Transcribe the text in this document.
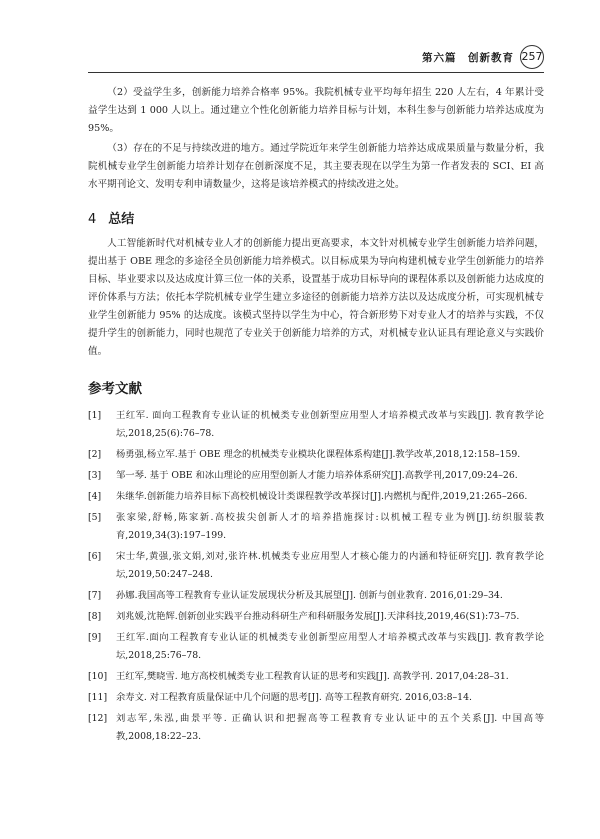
第六篇　创新教育 257

（2）受益学生多，创新能力培养合格率 95%。我院机械专业平均每年招生 220 人左右，4 年累计受益学生达到 1 000 人以上。通过建立个性化创新能力培养目标与计划，本科生参与创新能力培养达成度为 95%。

（3）存在的不足与持续改进的地方。通过学院近年来学生创新能力培养达成成果质量与数量分析，我院机械专业学生创新能力培养计划存在创新深度不足，其主要表现在以学生为第一作者发表的 SCI、EI 高水平期刊论文、发明专利申请数量少，这将是该培养模式的持续改进之处。

4 总结

人工智能新时代对机械专业人才的创新能力提出更高要求，本文针对机械专业学生创新能力培养问题，提出基于 OBE 理念的多途径全员创新能力培养模式。以目标成果为导向构建机械专业学生创新能力的培养目标、毕业要求以及达成度计算三位一体的关系，设置基于成功目标导向的课程体系以及创新能力达成度的评价体系与方法；依托本学院机械专业学生建立多途径的创新能力培养方法以及达成度分析，可实现机械专业学生创新能力 95% 的达成度。该模式坚持以学生为中心，符合新形势下对专业人才的培养与实践，不仅提升学生的创新能力，同时也规范了专业关于创新能力培养的方式，对机械专业认证具有理论意义与实践价值。

参考文献
[1] 王红军. 面向工程教育专业认证的机械类专业创新型应用型人才培养模式改革与实践[J]. 教育教学论坛,2018,25(6):76–78.
[2] 杨勇强,杨立军.基于 OBE 理念的机械类专业模块化课程体系构建[J].教学改革,2018,12:158–159.
[3] 邹一琴. 基于 OBE 和冰山理论的应用型创新人才能力培养体系研究[J].高教学刊,2017,09:24–26.
[4] 朱继华.创新能力培养目标下高校机械设计类课程教学改革探讨[J].内燃机与配件,2019,21:265–266.
[5] 张家梁,舒畅,陈家新.高校拔尖创新人才的培养措施探讨:以机械工程专业为例[J].纺织服装教育,2019,34(3):197–199.
[6] 宋士华,黄强,张文娟,刘对,张许林.机械类专业应用型人才核心能力的内涵和特征研究[J]. 教育教学论坛,2019,50:247–248.
[7] 孙娜.我国高等工程教育专业认证发展现状分析及其展望[J]. 创新与创业教育. 2016,01:29–34.
[8] 刘兆媛,沈艳辉.创新创业实践平台推动科研生产和科研服务发展[J].天津科技,2019,46(S1):73–75.
[9] 王红军.面向工程教育专业认证的机械类专业创新型应用型人才培养模式改革与实践[J]. 教育教学论坛,2018,25:76–78.
[10] 王红军,樊晓雪. 地方高校机械类专业工程教育认证的思考和实践[J]. 高教学刊. 2017,04:28–31.
[11] 余寿文. 对工程教育质量保证中几个问题的思考[J]. 高等工程教育研究. 2016,03:8–14.
[12] 刘志军,朱泓,曲景平等. 正确认识和把握高等工程教育专业认证中的五个关系[J]. 中国高等教,2008,18:22–23.
